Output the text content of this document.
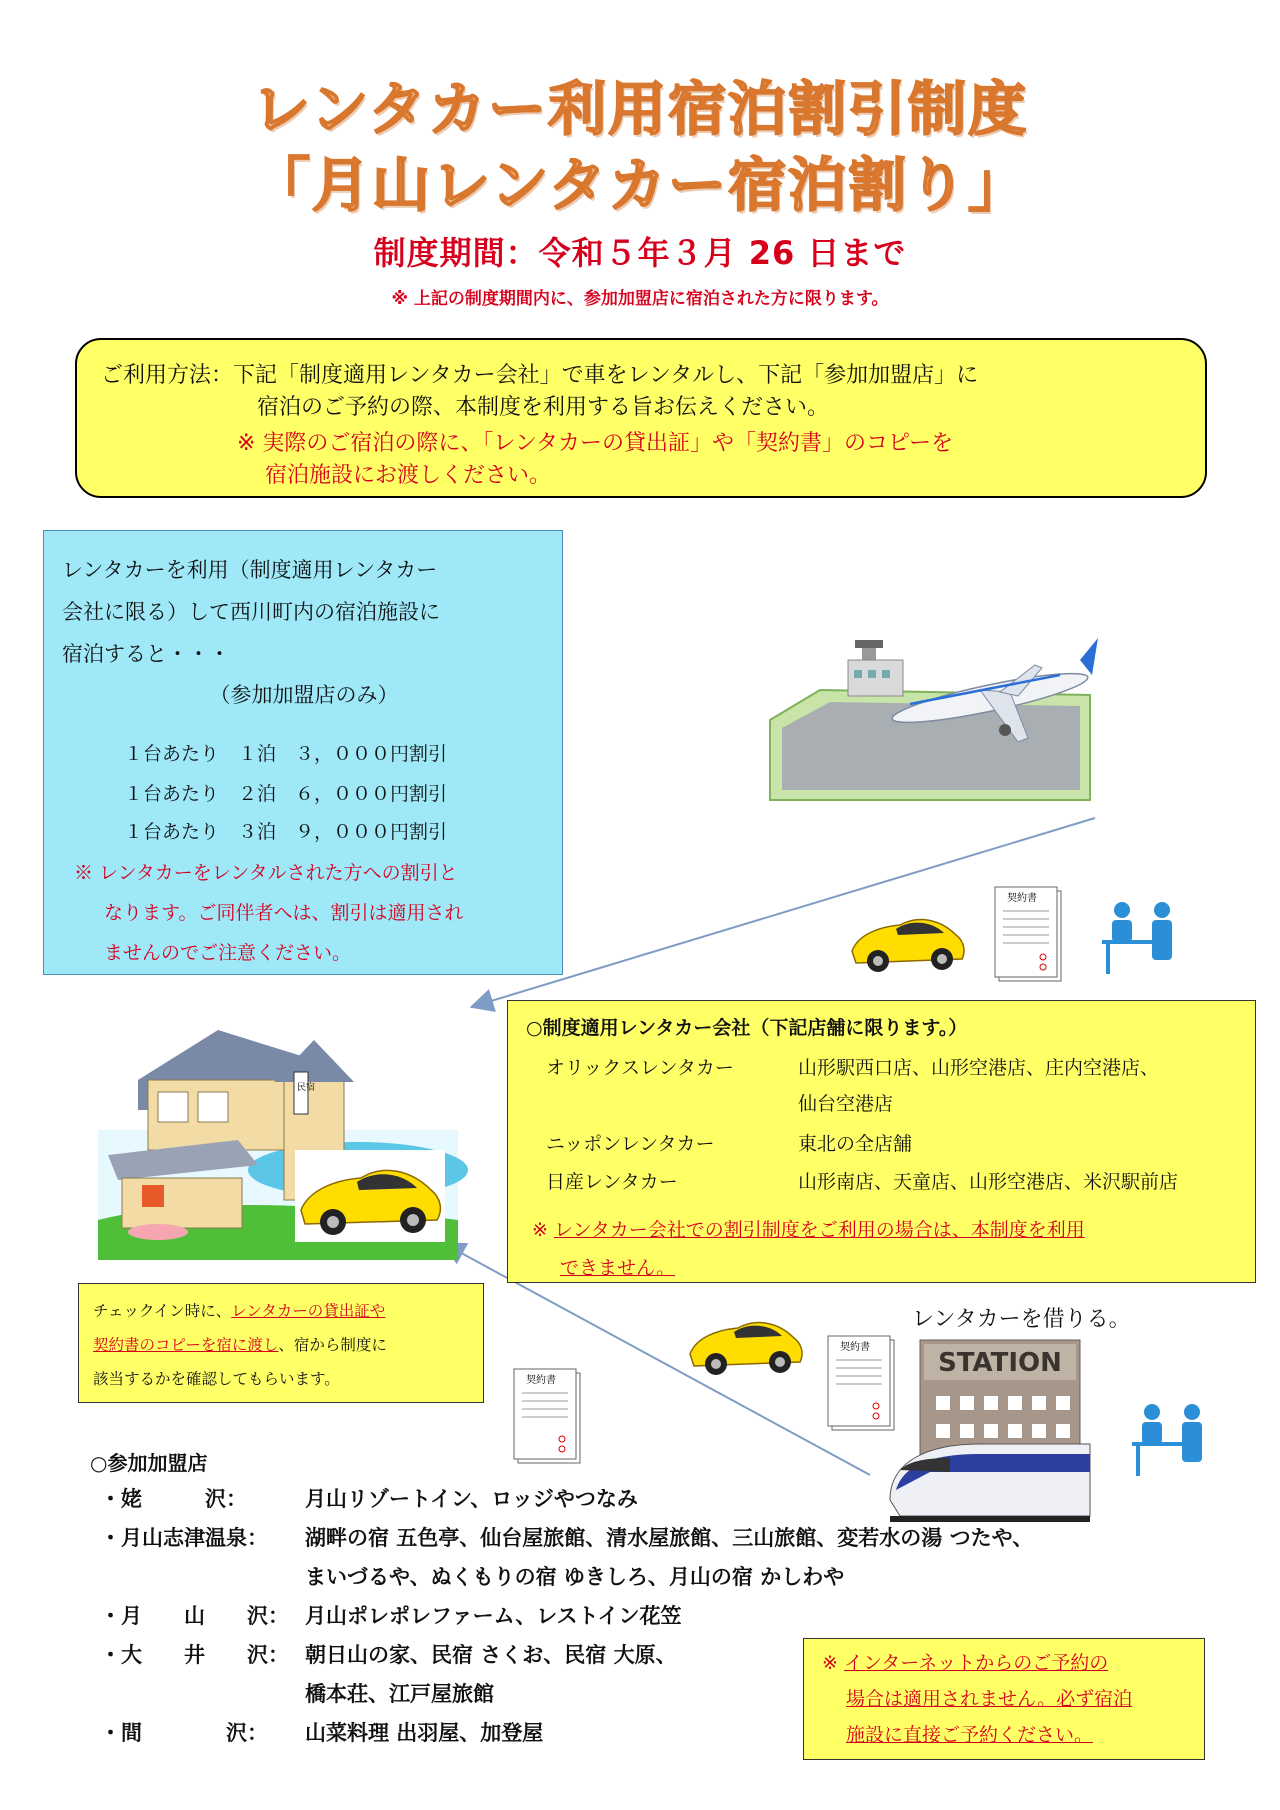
レンタカー利用宿泊割引制度
「月山レンタカー宿泊割り」
制度期間：令和５年３月 26 日まで
※ 上記の制度期間内に、参加加盟店に宿泊された方に限ります。
ご利用方法：下記「制度適用レンタカー会社」で車をレンタルし、下記「参加加盟店」に
宿泊のご予約の際、本制度を利用する旨お伝えください。
※ 実際のご宿泊の際に、「レンタカーの貸出証」や「契約書」のコピーを
宿泊施設にお渡しください。
レンタカーを利用（制度適用レンタカー
会社に限る）して西川町内の宿泊施設に
宿泊すると・・・
（参加加盟店のみ）
１台あたり　１泊　３，０００円割引
１台あたり　２泊　６，０００円割引
１台あたり　３泊　９，０００円割引
※ レンタカーをレンタルされた方への割引と
なります。ご同伴者へは、割引は適用され
ませんのでご注意ください。
契約書
民宿
○制度適用レンタカー会社（下記店舗に限ります。）
オリックスレンタカー	山形駅西口店、山形空港店、庄内空港店、
仙台空港店
ニッポンレンタカー	東北の全店舗
日産レンタカー	山形南店、天童店、山形空港店、米沢駅前店
※ レンタカー会社での割引制度をご利用の場合は、本制度を利用
できません。
チェックイン時に、レンタカーの貸出証や
契約書のコピーを宿に渡し、宿から制度に
該当するかを確認してもらいます。
契約書
契約書
レンタカーを借りる。
STATION
○参加加盟店
・姥　　　沢：	月山リゾートイン、ロッジやつなみ
・月山志津温泉： 湖畔の宿 五色亭、仙台屋旅館、清水屋旅館、三山旅館、変若水の湯 つたや、
まいづるや、ぬくもりの宿 ゆきしろ、月山の宿 かしわや
・月　　山　　沢： 月山ポレポレファーム、レストイン花笠
・大　　井　　沢： 朝日山の家、民宿 さくお、民宿 大原、
橋本荘、江戸屋旅館
・間　　　　沢： 山菜料理 出羽屋、加登屋
※ インターネットからのご予約の
場合は適用されません。必ず宿泊
施設に直接ご予約ください。
